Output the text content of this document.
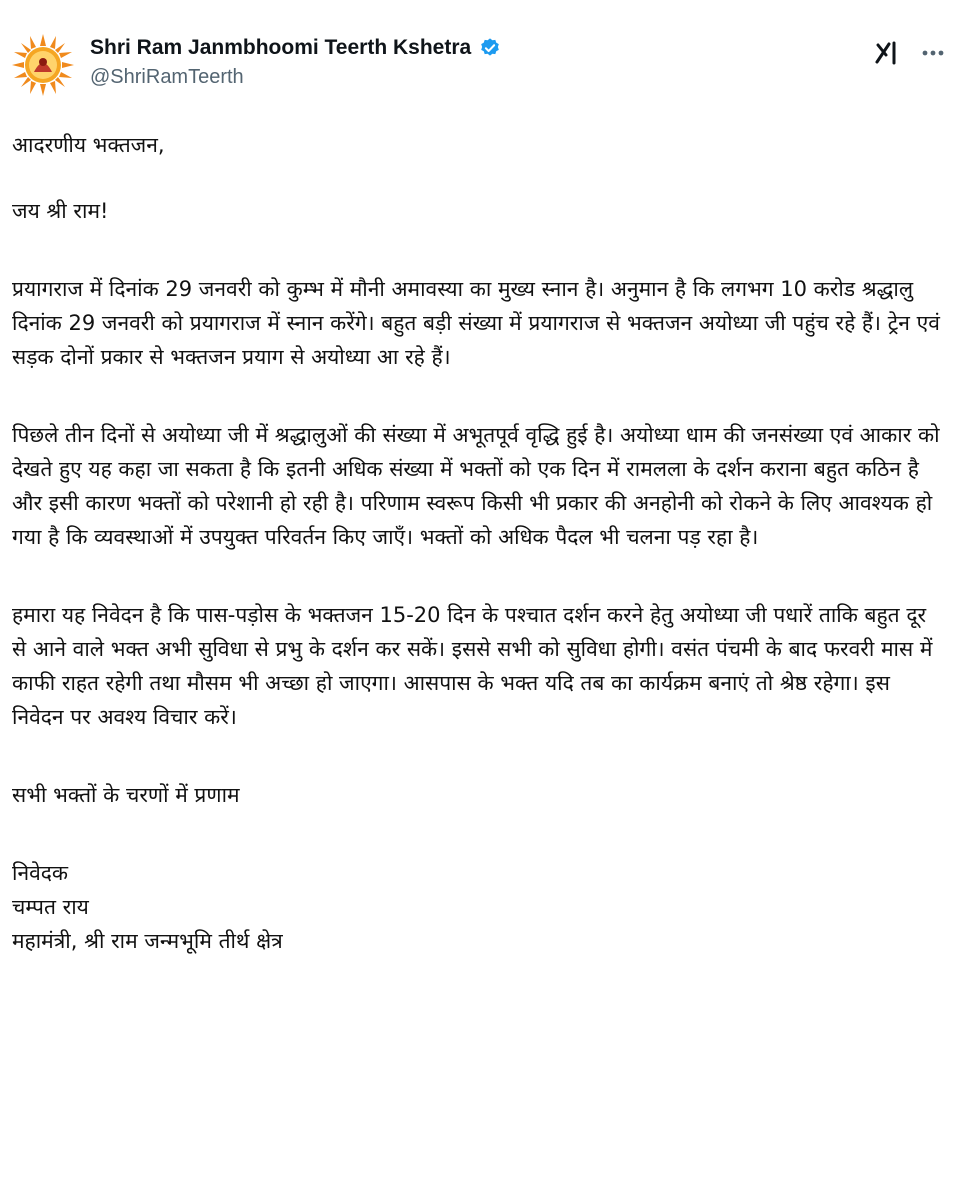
Shri Ram Janmbhoomi Teerth Kshetra
@ShriRamTeerth

आदरणीय भक्तजन,

जय श्री राम!

प्रयागराज में दिनांक 29 जनवरी को कुम्भ में मौनी अमावस्या का मुख्य स्नान है। अनुमान है कि लगभग 10 करोड श्रद्धालु दिनांक 29 जनवरी को प्रयागराज में स्नान करेंगे। बहुत बड़ी संख्या में प्रयागराज से भक्तजन अयोध्या जी पहुंच रहे हैं। ट्रेन एवं सड़क दोनों प्रकार से भक्तजन प्रयाग से अयोध्या आ रहे हैं।

पिछले तीन दिनों से अयोध्या जी में श्रद्धालुओं की संख्या में अभूतपूर्व वृद्धि हुई है। अयोध्या धाम की जनसंख्या एवं आकार को देखते हुए यह कहा जा सकता है कि इतनी अधिक संख्या में भक्तों को एक दिन में रामलला के दर्शन कराना बहुत कठिन है और इसी कारण भक्तों को परेशानी हो रही है। परिणाम स्वरूप किसी भी प्रकार की अनहोनी को रोकने के लिए आवश्यक हो गया है कि व्यवस्थाओं में उपयुक्त परिवर्तन किए जाएँ। भक्तों को अधिक पैदल भी चलना पड़ रहा है।

हमारा यह निवेदन है कि पास-पड़ोस के भक्तजन 15-20 दिन के पश्चात दर्शन करने हेतु अयोध्या जी पधारें ताकि बहुत दूर से आने वाले भक्त अभी सुविधा से प्रभु के दर्शन कर सकें। इससे सभी को सुविधा होगी। वसंत पंचमी के बाद फरवरी मास में काफी राहत रहेगी तथा मौसम भी अच्छा हो जाएगा। आसपास के भक्त यदि तब का कार्यक्रम बनाएं तो श्रेष्ठ रहेगा। इस निवेदन पर अवश्य विचार करें।

सभी भक्तों के चरणों में प्रणाम

निवेदक
चम्पत राय
महामंत्री, श्री राम जन्मभूमि तीर्थ क्षेत्र
